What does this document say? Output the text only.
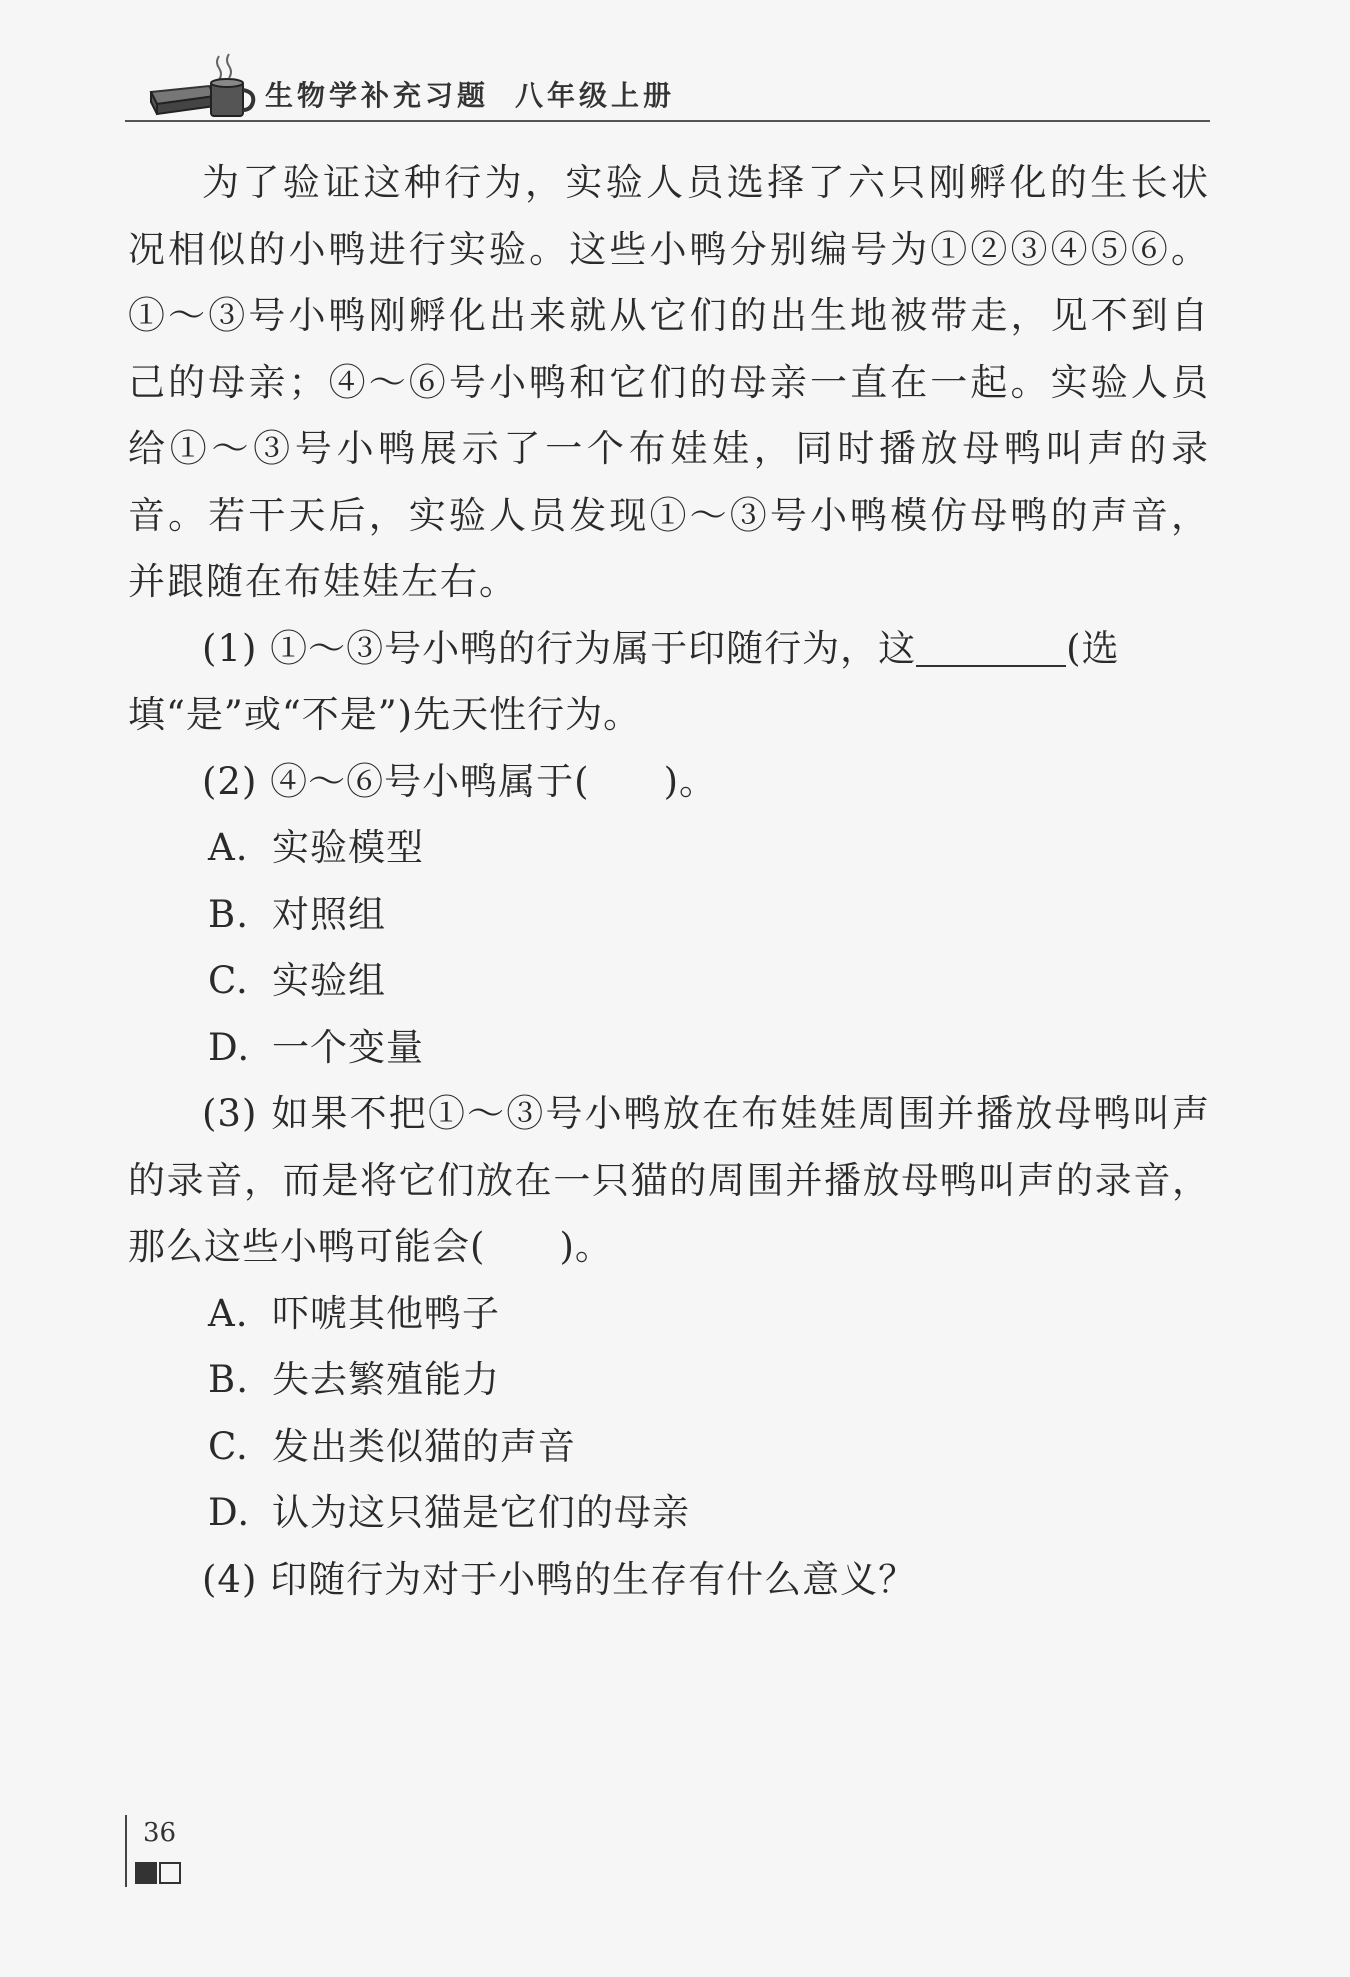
生物学补充习题 八年级上册

为了验证这种行为，实验人员选择了六只刚孵化的生长状况相似的小鸭进行实验。这些小鸭分别编号为①②③④⑤⑥。①～③号小鸭刚孵化出来就从它们的出生地被带走，见不到自己的母亲；④～⑥号小鸭和它们的母亲一直在一起。实验人员给①～③号小鸭展示了一个布娃娃，同时播放母鸭叫声的录音。若干天后，实验人员发现①～③号小鸭模仿母鸭的声音，并跟随在布娃娃左右。

(1) ①～③号小鸭的行为属于印随行为，这	(选填“是”或“不是”)先天性行为。

(2) ④～⑥号小鸭属于( )。

A. 实验模型
B. 对照组
C. 实验组
D. 一个变量

(3) 如果不把①～③号小鸭放在布娃娃周围并播放母鸭叫声的录音，而是将它们放在一只猫的周围并播放母鸭叫声的录音，那么这些小鸭可能会( )。

A. 吓唬其他鸭子
B. 失去繁殖能力
C. 发出类似猫的声音
D. 认为这只猫是它们的母亲

(4) 印随行为对于小鸭的生存有什么意义？

36
